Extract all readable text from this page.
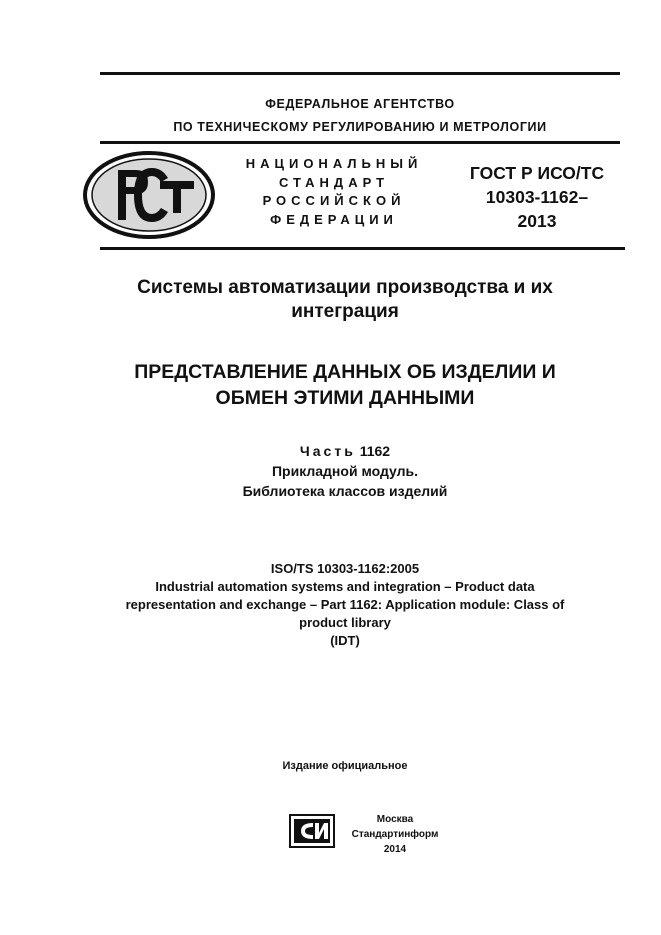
ФЕДЕРАЛЬНОЕ АГЕНТСТВО
ПО ТЕХНИЧЕСКОМУ РЕГУЛИРОВАНИЮ И МЕТРОЛОГИИ
РСТ
НАЦИОНАЛЬНЫЙ
СТАНДАРТ
РОССИЙСКОЙ
ФЕДЕРАЦИИ
ГОСТ Р ИСО/ТС
10303-1162–
2013
Системы автоматизации производства и их
интеграция
ПРЕДСТАВЛЕНИЕ ДАННЫХ ОБ ИЗДЕЛИИ И
ОБМЕН ЭТИМИ ДАННЫМИ
Часть 1162
Прикладной модуль.
Библиотека классов изделий
ISO/TS 10303-1162:2005
Industrial automation systems and integration – Product data
representation and exchange – Part 1162: Application module: Class of
product library
(IDT)
Издание официальное
СИ	Москва
Стандартинформ
2014
